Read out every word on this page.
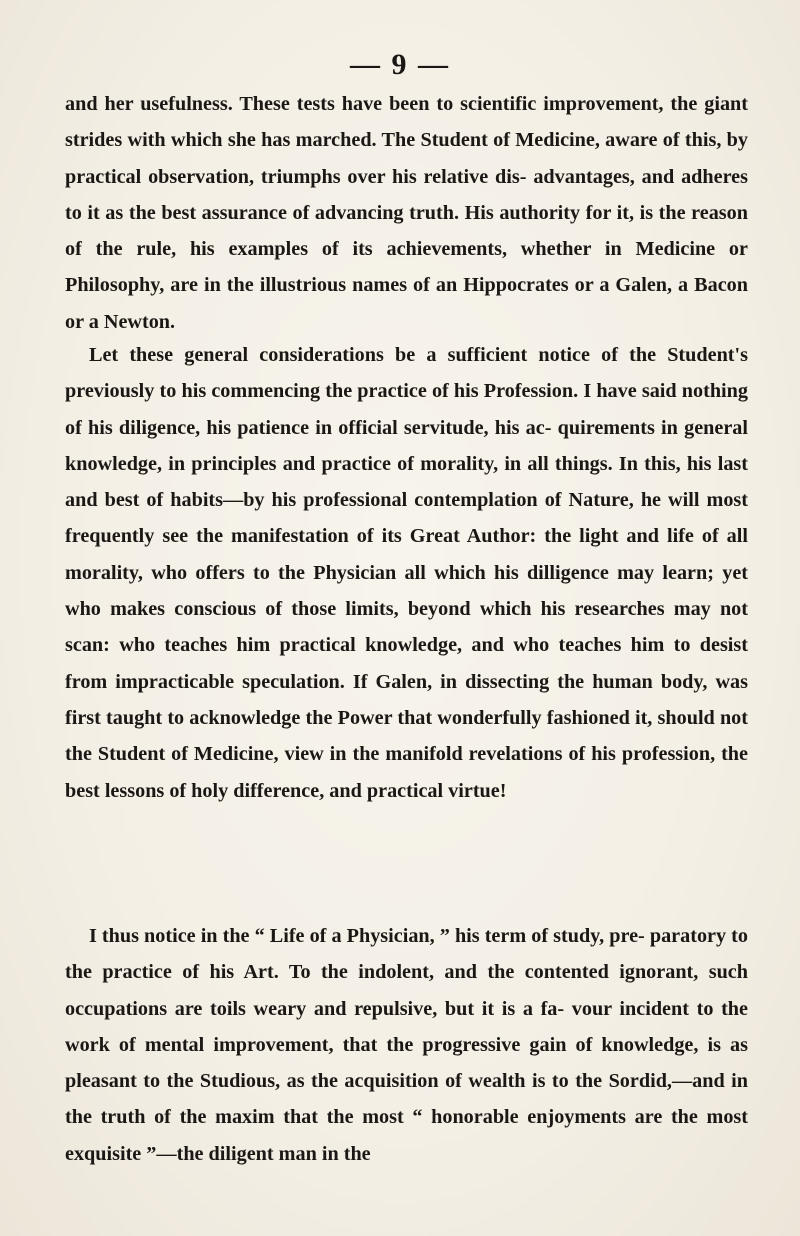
— 9 —

and her usefulness. These tests have been to scientific improvement, the giant strides with which she has marched. The Student of Medicine, aware of this, by practical observation, triumphs over his relative dis- advantages, and adheres to it as the best assurance of advancing truth. His authority for it, is the reason of the rule, his examples of its achievements, whether in Medicine or Philosophy, are in the illustrious names of an Hippocrates or a Galen, a Bacon or a Newton.

Let these general considerations be a sufficient notice of the Student's previously to his commencing the practice of his Profession. I have said nothing of his diligence, his patience in official servitude, his ac- quirements in general knowledge, in principles and practice of morality, in all things. In this, his last and best of habits—by his professional contemplation of Nature, he will most frequently see the manifestation of its Great Author: the light and life of all morality, who offers to the Physician all which his dilligence may learn; yet who makes conscious of those limits, beyond which his researches may not scan: who teaches him practical knowledge, and who teaches him to desist from impracticable speculation. If Galen, in dissecting the human body, was first taught to acknowledge the Power that wonderfully fashioned it, should not the Student of Medicine, view in the manifold revelations of his profession, the best lessons of holy difference, and practical virtue!

I thus notice in the “ Life of a Physician, ” his term of study, pre- paratory to the practice of his Art. To the indolent, and the contented ignorant, such occupations are toils weary and repulsive, but it is a fa- vour incident to the work of mental improvement, that the progressive gain of knowledge, is as pleasant to the Studious, as the acquisition of wealth is to the Sordid,—and in the truth of the maxim that the most “ honorable enjoyments are the most exquisite ”—the diligent man in the
